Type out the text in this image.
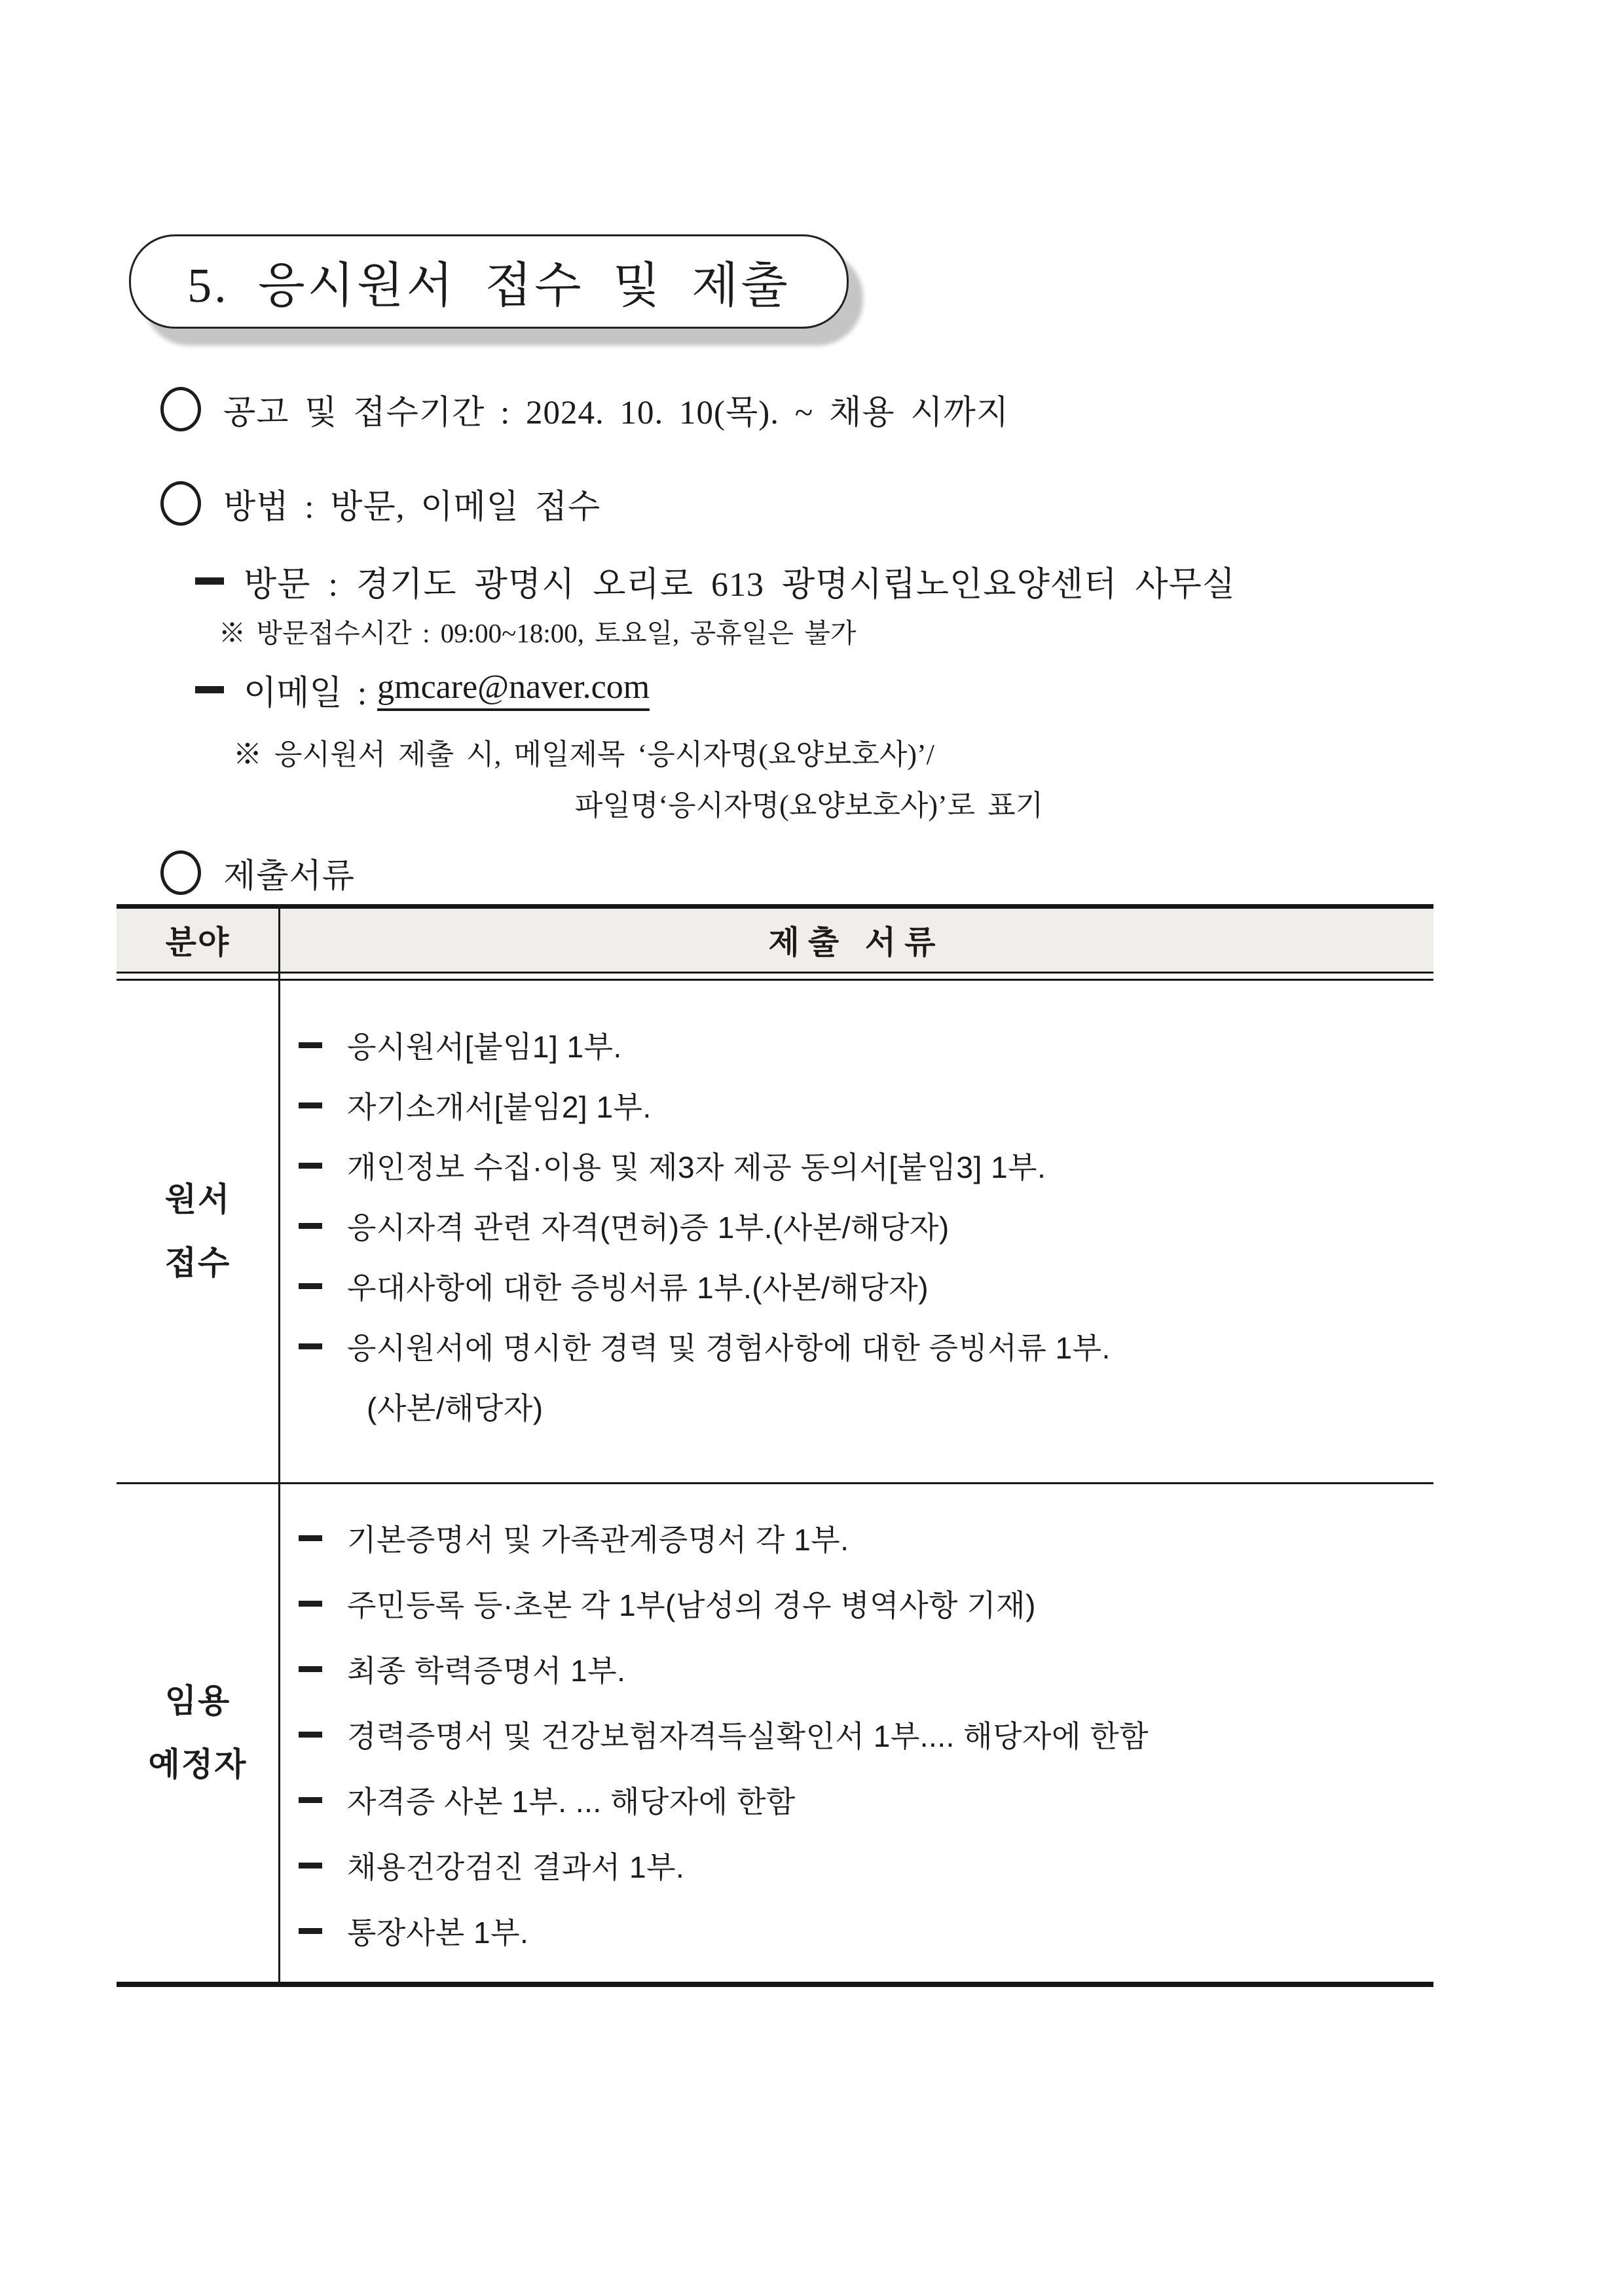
5. 응시원서 접수 및 제출
공고 및 접수기간 : 2024. 10. 10(목). ~ 채용 시까지
방법 : 방문, 이메일 접수
방문 : 경기도 광명시 오리로 613 광명시립노인요양센터 사무실
※ 방문접수시간 : 09:00~18:00, 토요일, 공휴일은 불가
이메일 : gmcare@naver.com
※ 응시원서 제출 시, 메일제목 ‘응시자명(요양보호사)’/
파일명‘응시자명(요양보호사)’로 표기
제출서류
분야	제출 서류
원서
접수
응시원서[붙임1] 1부.
자기소개서[붙임2] 1부.
개인정보 수집·이용 및 제3자 제공 동의서[붙임3] 1부.
응시자격 관련 자격(면허)증 1부.(사본/해당자)
우대사항에 대한 증빙서류 1부.(사본/해당자)
응시원서에 명시한 경력 및 경험사항에 대한 증빙서류 1부.
(사본/해당자)
임용
예정자
기본증명서 및 가족관계증명서 각 1부.
주민등록 등·초본 각 1부(남성의 경우 병역사항 기재)
최종 학력증명서 1부.
경력증명서 및 건강보험자격득실확인서 1부.... 해당자에 한함
자격증 사본 1부. ... 해당자에 한함
채용건강검진 결과서 1부.
통장사본 1부.
